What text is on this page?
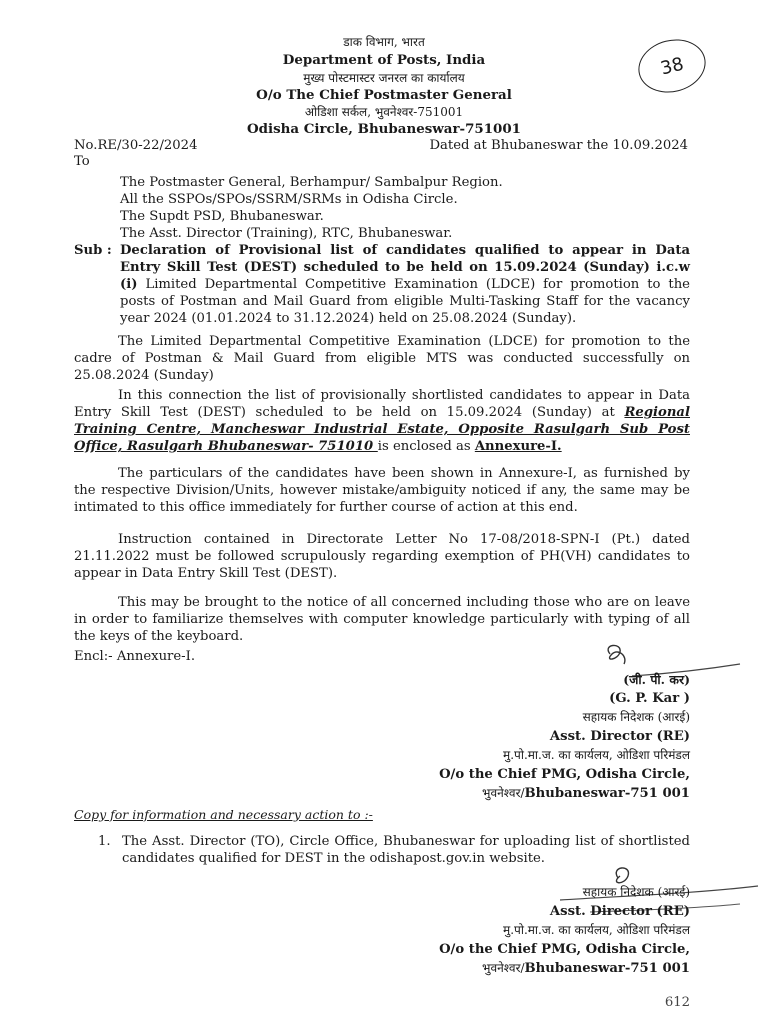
डाक विभाग, भारत
Department of Posts, India
मुख्य पोस्टमास्टर जनरल का कार्यालय
O/o The Chief Postmaster General
ओडिशा सर्कल, भुवनेश्वर-751001
Odisha Circle, Bhubaneswar-751001
38
No.RE/30-22/2024	Dated at Bhubaneswar the 10.09.2024
To
The Postmaster General, Berhampur/ Sambalpur Region.
All the SSPOs/SPOs/SSRM/SRMs in Odisha Circle.
The Supdt PSD, Bhubaneswar.
The Asst. Director (Training), RTC, Bhubaneswar.
Sub : Declaration of Provisional list of candidates qualified to appear in Data Entry Skill Test (DEST) scheduled to be held on 15.09.2024 (Sunday) i.c.w (i) Limited Departmental Competitive Examination (LDCE) for promotion to the posts of Postman and Mail Guard from eligible Multi-Tasking Staff for the vacancy year 2024 (01.01.2024 to 31.12.2024) held on 25.08.2024 (Sunday).
The Limited Departmental Competitive Examination (LDCE) for promotion to the cadre of Postman & Mail Guard from eligible MTS was conducted successfully on 25.08.2024 (Sunday)
In this connection the list of provisionally shortlisted candidates to appear in Data Entry Skill Test (DEST) scheduled to be held on 15.09.2024 (Sunday) at Regional Training Centre, Mancheswar Industrial Estate, Opposite Rasulgarh Sub Post Office, Rasulgarh Bhubaneswar- 751010 is enclosed as Annexure-I.
The particulars of the candidates have been shown in Annexure-I, as furnished by the respective Division/Units, however mistake/ambiguity noticed if any, the same may be intimated to this office immediately for further course of action at this end.
Instruction contained in Directorate Letter No 17-08/2018-SPN-I (Pt.) dated 21.11.2022 must be followed scrupulously regarding exemption of PH(VH) candidates to appear in Data Entry Skill Test (DEST).
This may be brought to the notice of all concerned including those who are on leave in order to familiarize themselves with computer knowledge particularly with typing of all the keys of the keyboard.
Encl:- Annexure-I.
(जी. पी. कर)
(G. P. Kar )
सहायक निदेशक (आरई)
Asst. Director (RE)
मु.पो.मा.ज. का कार्यलय, ओडिशा परिमंडल
O/o the Chief PMG, Odisha Circle,
भुवनेश्वर/Bhubaneswar-751 001
Copy for information and necessary action to :-
1. The Asst. Director (TO), Circle Office, Bhubaneswar for uploading list of shortlisted candidates qualified for DEST in the odishapost.gov.in website.
सहायक निदेशक (आरई)
Asst. Director (RE)
मु.पो.मा.ज. का कार्यलय, ओडिशा परिमंडल
O/o the Chief PMG, Odisha Circle,
भुवनेश्वर/Bhubaneswar-751 001
612
